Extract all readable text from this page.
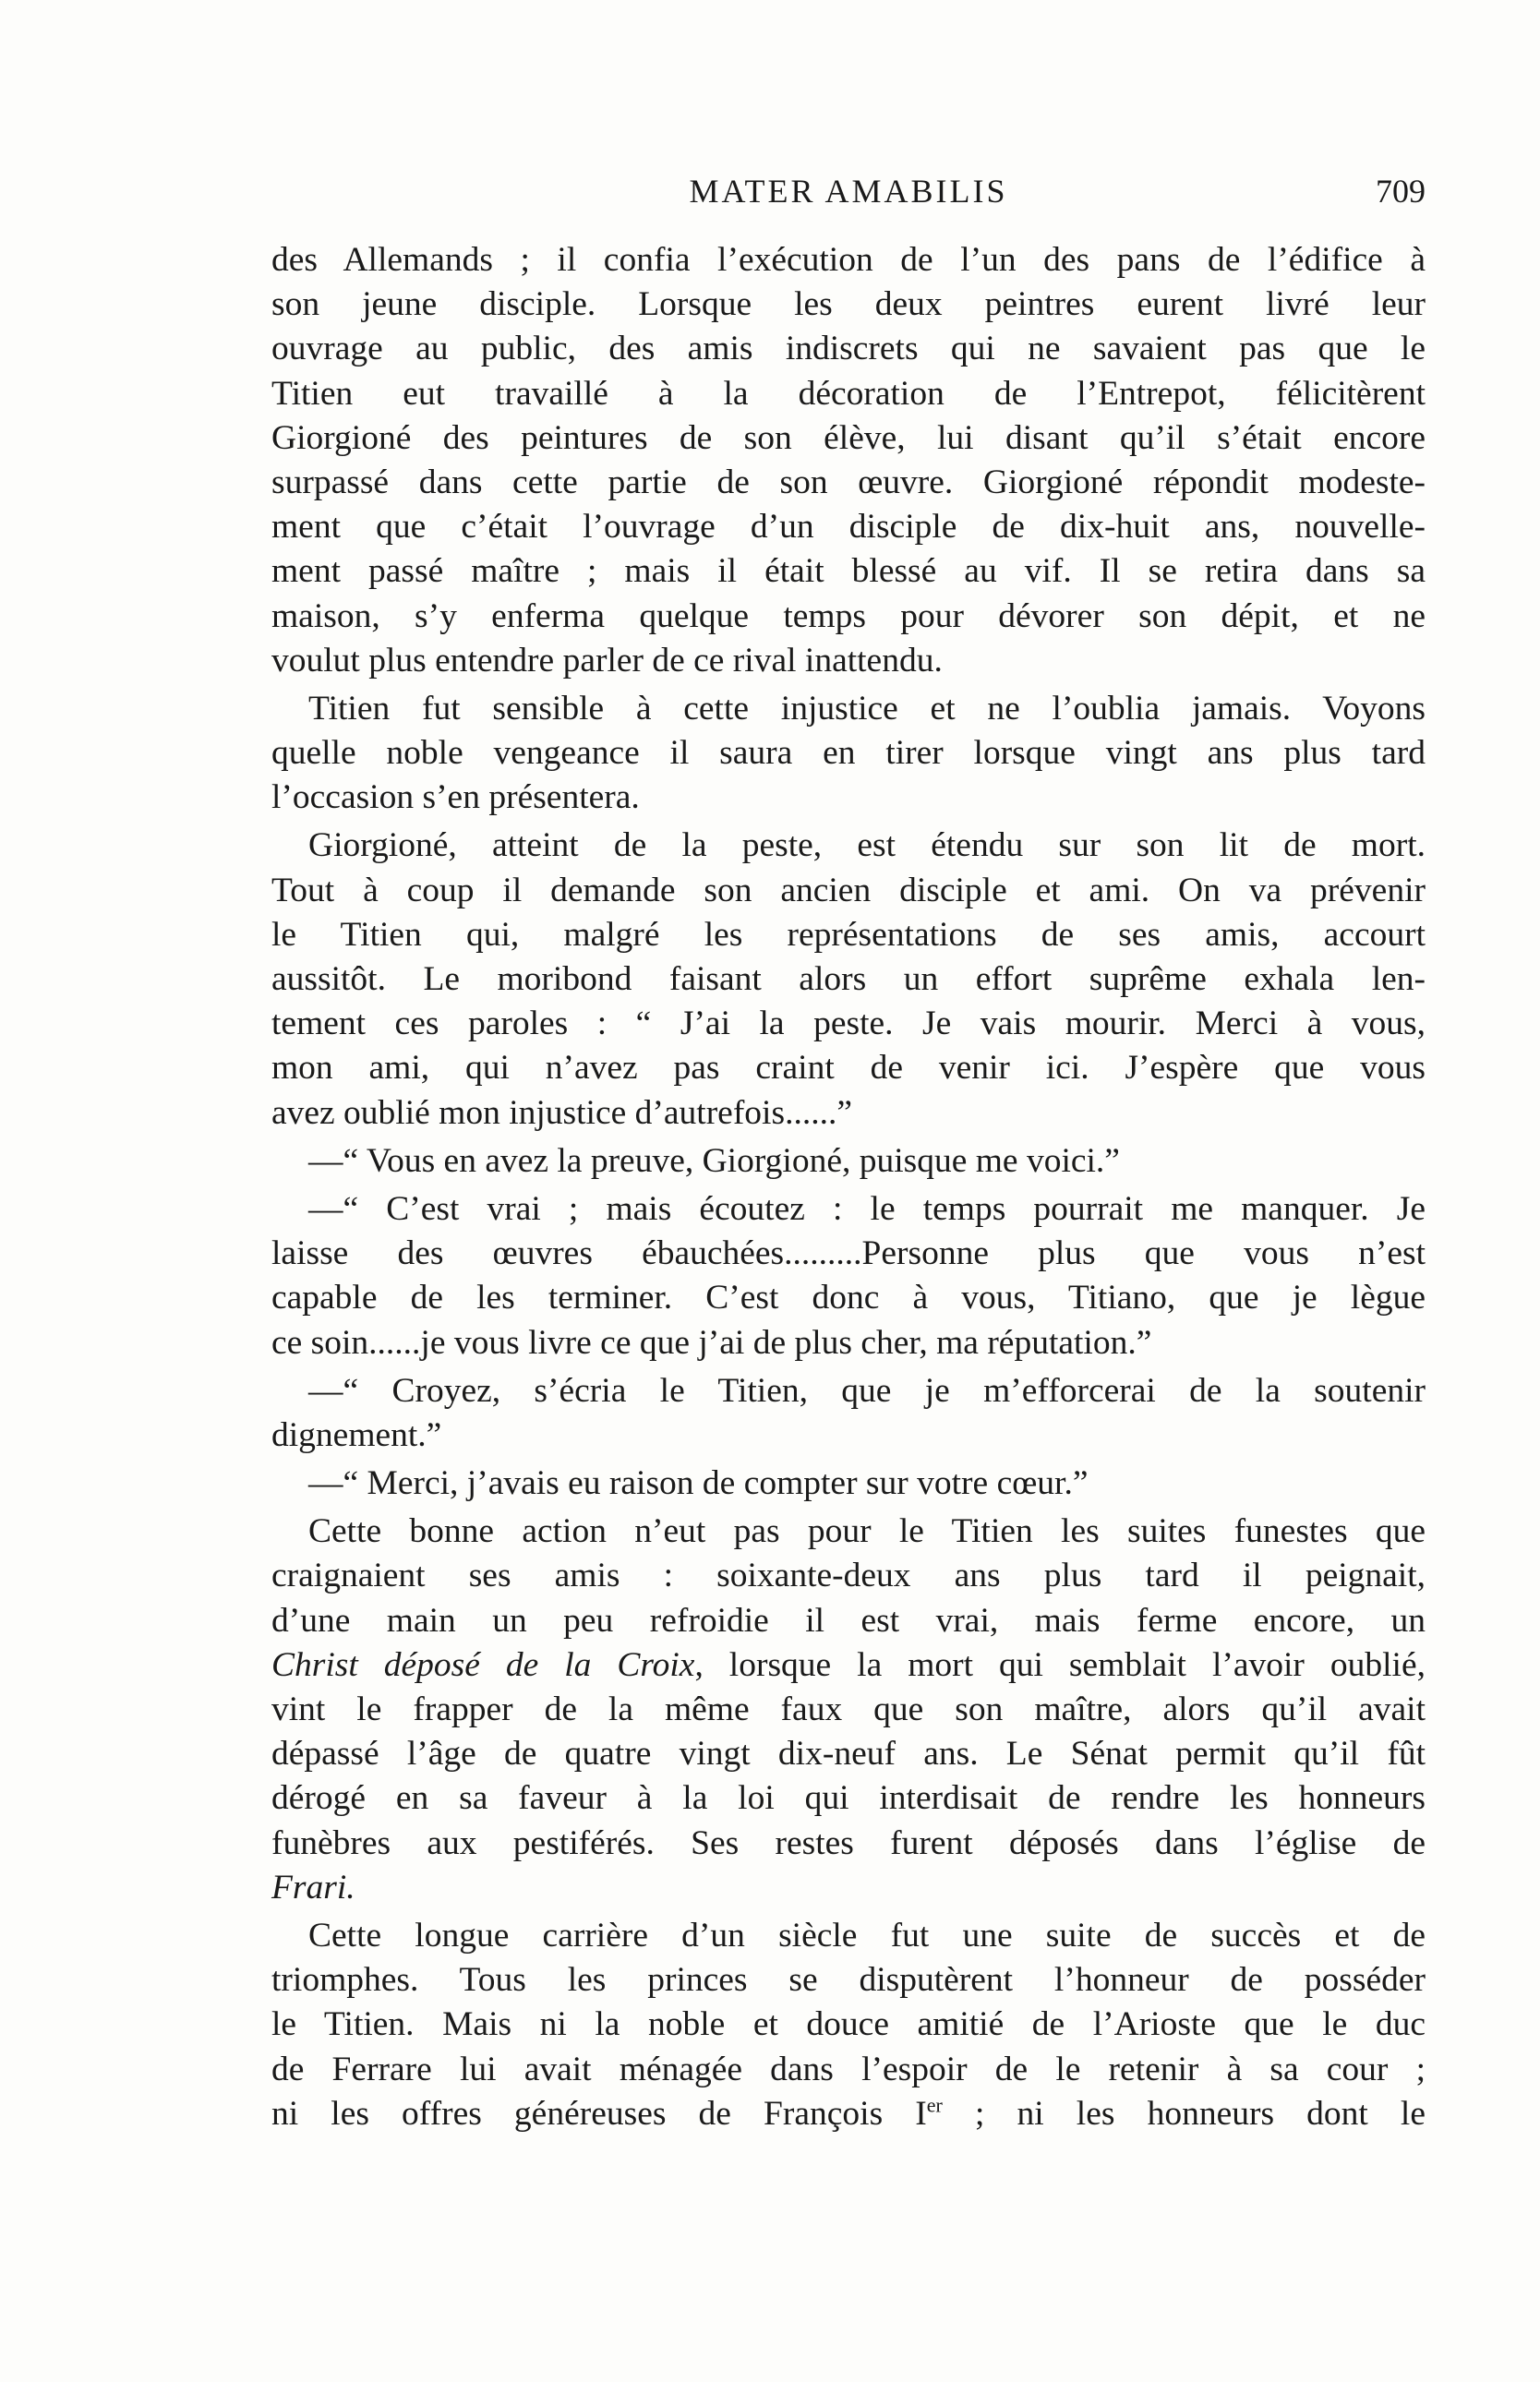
MATER AMABILIS	709
des Allemands ; il confia l’exécution de l’un des pans de l’édifice à
son jeune disciple. Lorsque les deux peintres eurent livré leur
ouvrage au public, des amis indiscrets qui ne savaient pas que le
Titien eut travaillé à la décoration de l’Entrepot, félicitèrent
Giorgioné des peintures de son élève, lui disant qu’il s’était encore
surpassé dans cette partie de son œuvre. Giorgioné répondit modeste-
ment que c’était l’ouvrage d’un disciple de dix-huit ans, nouvelle-
ment passé maître ; mais il était blessé au vif. Il se retira dans sa
maison, s’y enferma quelque temps pour dévorer son dépit, et ne
voulut plus entendre parler de ce rival inattendu.
Titien fut sensible à cette injustice et ne l’oublia jamais. Voyons
quelle noble vengeance il saura en tirer lorsque vingt ans plus tard
l’occasion s’en présentera.
Giorgioné, atteint de la peste, est étendu sur son lit de mort.
Tout à coup il demande son ancien disciple et ami. On va prévenir
le Titien qui, malgré les représentations de ses amis, accourt
aussitôt. Le moribond faisant alors un effort suprême exhala len-
tement ces paroles : “ J’ai la peste. Je vais mourir. Merci à vous,
mon ami, qui n’avez pas craint de venir ici. J’espère que vous
avez oublié mon injustice d’autrefois......”
—“ Vous en avez la preuve, Giorgioné, puisque me voici.”
—“ C’est vrai ; mais écoutez : le temps pourrait me manquer. Je
laisse des œuvres ébauchées.........Personne plus que vous n’est
capable de les terminer. C’est donc à vous, Titiano, que je lègue
ce soin......je vous livre ce que j’ai de plus cher, ma réputation.”
—“ Croyez, s’écria le Titien, que je m’efforcerai de la soutenir
dignement.”
—“ Merci, j’avais eu raison de compter sur votre cœur.”
Cette bonne action n’eut pas pour le Titien les suites funestes que
craignaient ses amis : soixante-deux ans plus tard il peignait,
d’une main un peu refroidie il est vrai, mais ferme encore, un
Christ déposé de la Croix, lorsque la mort qui semblait l’avoir oublié,
vint le frapper de la même faux que son maître, alors qu’il avait
dépassé l’âge de quatre vingt dix-neuf ans. Le Sénat permit qu’il fût
dérogé en sa faveur à la loi qui interdisait de rendre les honneurs
funèbres aux pestiférés. Ses restes furent déposés dans l’église de
Frari.
Cette longue carrière d’un siècle fut une suite de succès et de
triomphes. Tous les princes se disputèrent l’honneur de posséder
le Titien. Mais ni la noble et douce amitié de l’Arioste que le duc
de Ferrare lui avait ménagée dans l’espoir de le retenir à sa cour ;
ni les offres généreuses de François Ier ; ni les honneurs dont le
